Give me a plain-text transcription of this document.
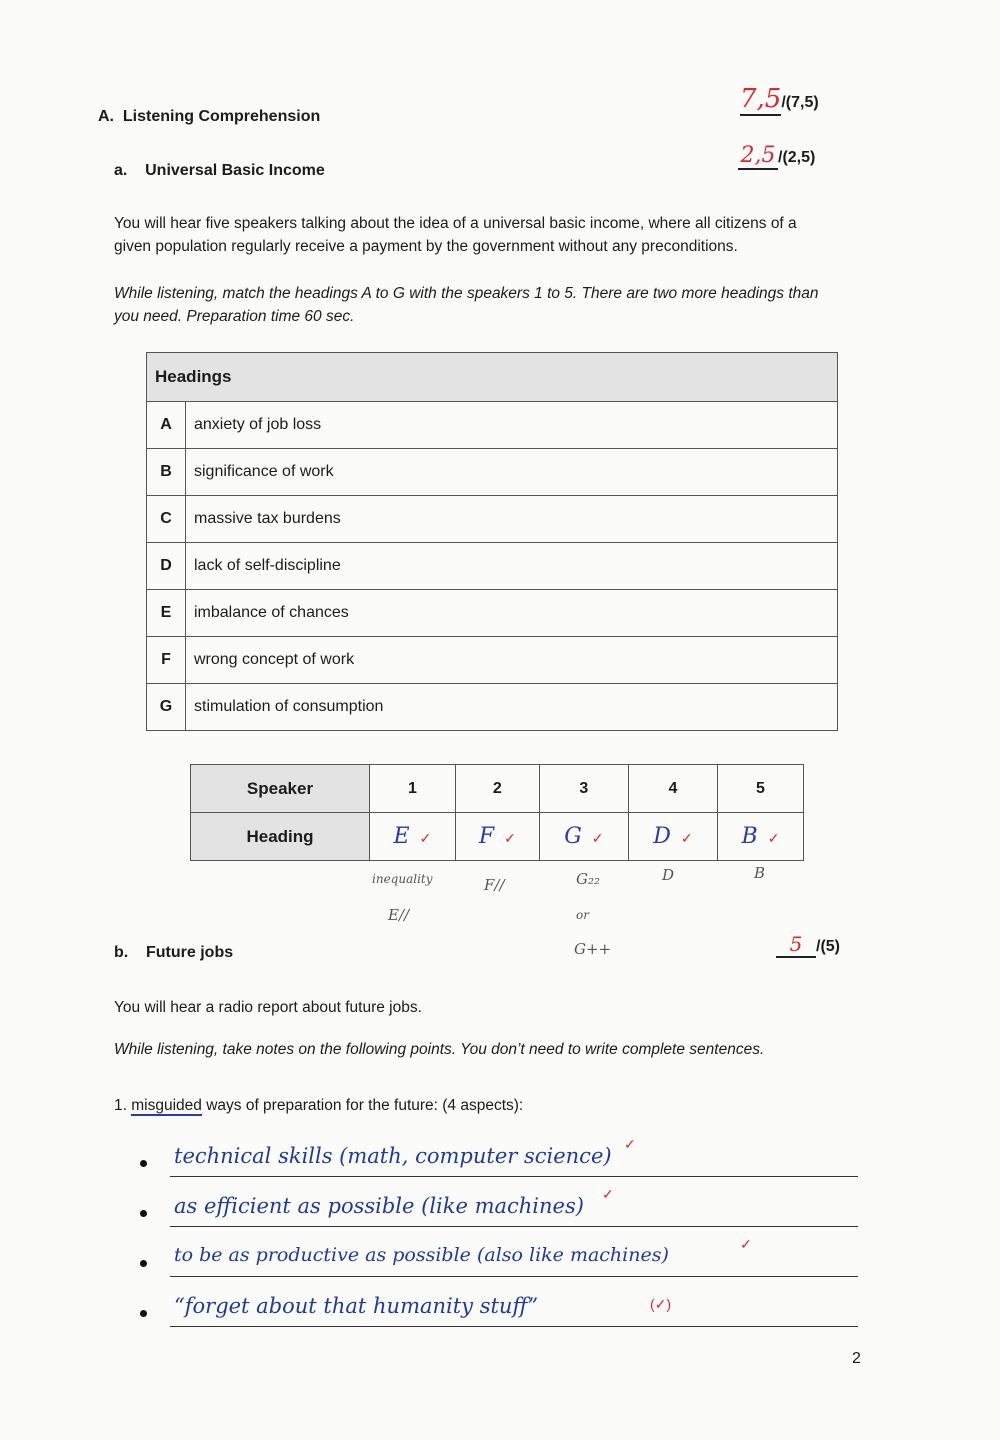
A.  Listening Comprehension
7,5/(7,5)
a.    Universal Basic Income
2,5 /(2,5)
You will hear five speakers talking about the idea of a universal basic income, where all citizens of a given population regularly receive a payment by the government without any preconditions.
While listening, match the headings A to G with the speakers 1 to 5. There are two more headings than you need. Preparation time 60 sec.
Headings	
A	anxiety of job loss
B	significance of work
C	massive tax burdens
D	lack of self-discipline
E	imbalance of chances
F	wrong concept of work
G	stimulation of consumption
Speaker	1	2	3	4	5
Heading	E ✓	F ✓	G ✓	D ✓	B ✓
inequality
E//
F//	G₂₂
or
G++
D	B
b.    Future jobs	5 /(5)
You will hear a radio report about future jobs.
While listening, take notes on the following points. You don’t need to write complete sentences.
1. misguided ways of preparation for the future: (4 aspects):
technical skills (math, computer science) ✓
as efficient as possible (like machines) ✓
to be as productive as possible (also like machines)	✓
“forget about that humanity stuff”	(✓)
2
